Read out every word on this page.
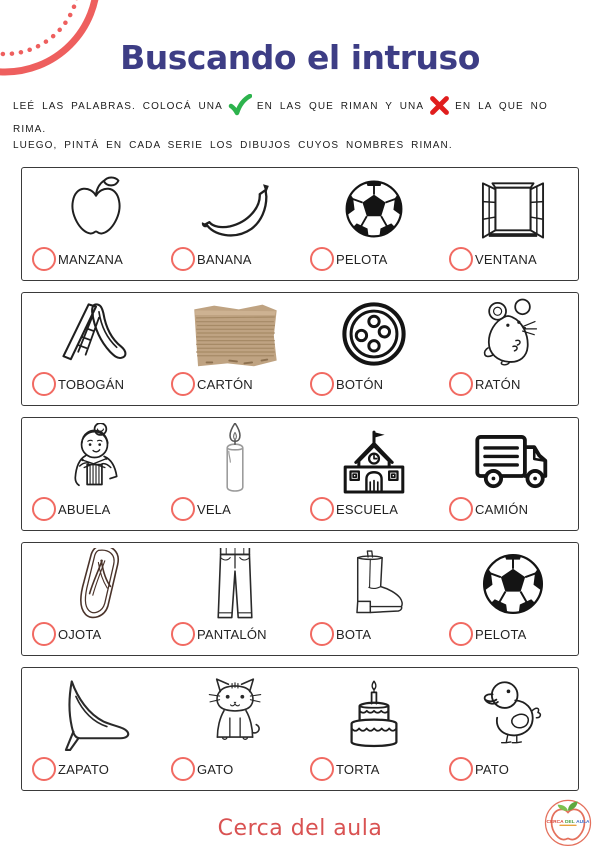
Buscando el intruso
LEÉ LAS PALABRAS. COLOCÁ UNA	EN LAS QUE RIMAN Y UNA	EN LA QUE NO RIMA.
LUEGO, PINTÁ EN CADA SERIE LOS DIBUJOS CUYOS NOMBRES RIMAN.
MANZANA	BANANA	PELOTA	VENTANA
TOBOGÁN	CARTÓN	BOTÓN	RATÓN
ABUELA	VELA	ESCUELA	CAMIÓN
OJOTA	PANTALÓN	BOTA	PELOTA
ZAPATO	GATO	TORTA	PATO
Cerca del aula	CERCA DEL AULA
